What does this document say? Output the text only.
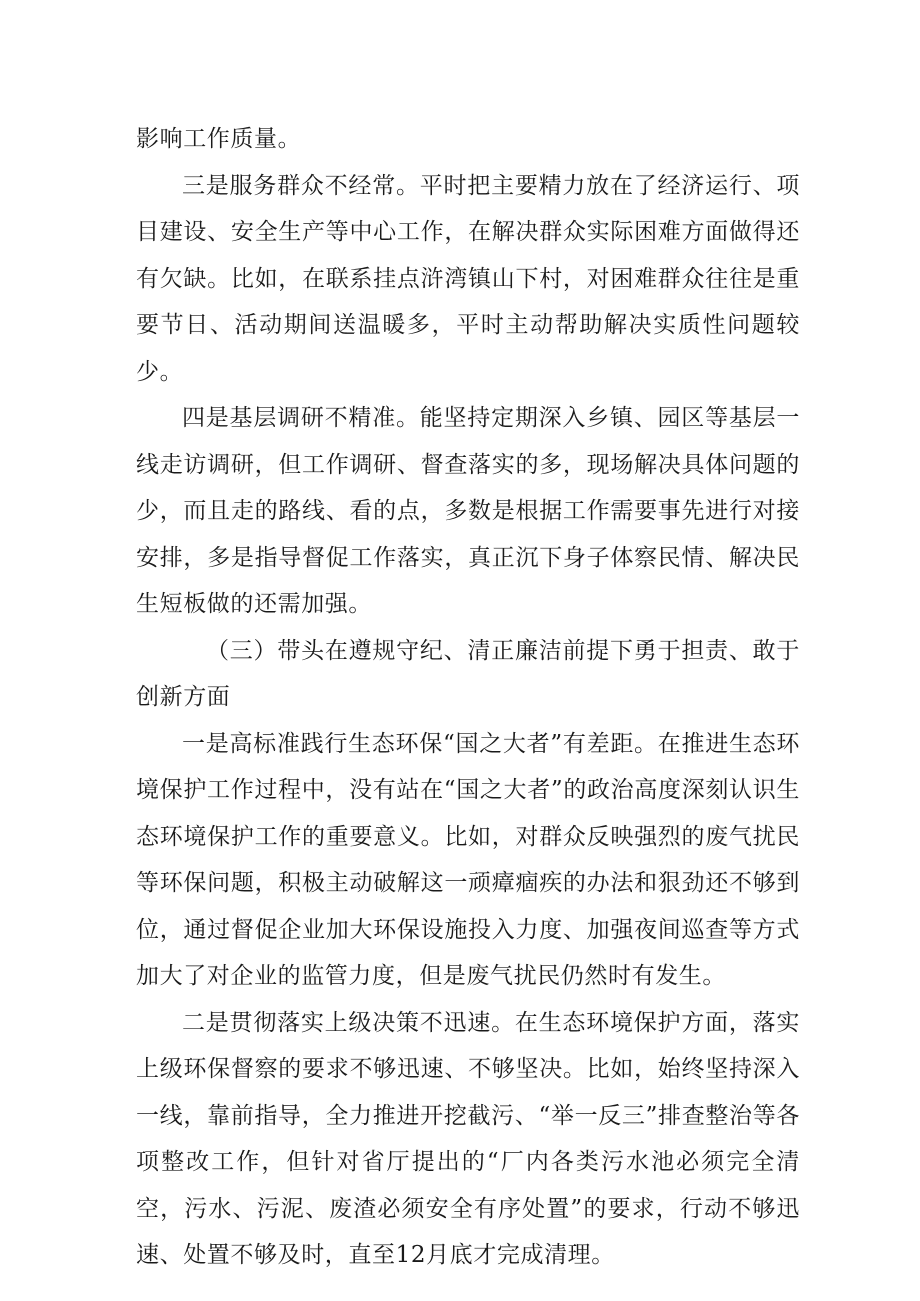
影响工作质量。

三是服务群众不经常。平时把主要精力放在了经济运行、项目建设、安全生产等中心工作，在解决群众实际困难方面做得还有欠缺。比如，在联系挂点浒湾镇山下村，对困难群众往往是重要节日、活动期间送温暖多，平时主动帮助解决实质性问题较少。

四是基层调研不精准。能坚持定期深入乡镇、园区等基层一线走访调研，但工作调研、督查落实的多，现场解决具体问题的少，而且走的路线、看的点，多数是根据工作需要事先进行对接安排，多是指导督促工作落实，真正沉下身子体察民情、解决民生短板做的还需加强。

（三）带头在遵规守纪、清正廉洁前提下勇于担责、敢于创新方面

一是高标准践行生态环保“国之大者”有差距。在推进生态环境保护工作过程中，没有站在“国之大者”的政治高度深刻认识生态环境保护工作的重要意义。比如，对群众反映强烈的废气扰民等环保问题，积极主动破解这一顽瘴痼疾的办法和狠劲还不够到位，通过督促企业加大环保设施投入力度、加强夜间巡查等方式加大了对企业的监管力度，但是废气扰民仍然时有发生。

二是贯彻落实上级决策不迅速。在生态环境保护方面，落实上级环保督察的要求不够迅速、不够坚决。比如，始终坚持深入一线，靠前指导，全力推进开挖截污、“举一反三”排查整治等各项整改工作，但针对省厅提出的“厂内各类污水池必须完全清空，污水、污泥、废渣必须安全有序处置”的要求，行动不够迅速、处置不够及时，直至12月底才完成清理。
